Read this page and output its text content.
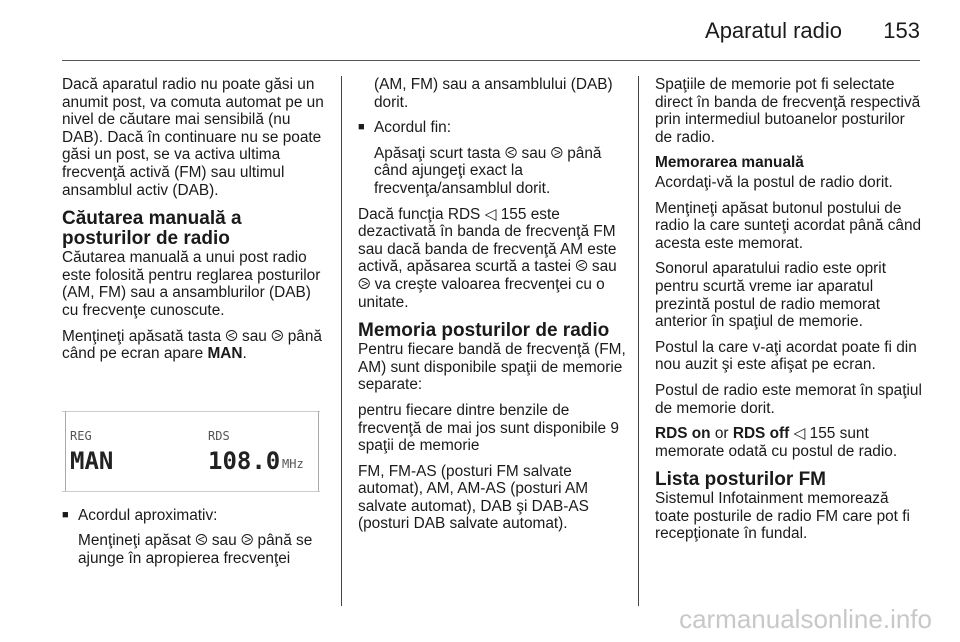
Aparatul radio 153

Dacă aparatul radio nu poate găsi un anumit post, va comuta automat pe un nivel de căutare mai sensibilă (nu DAB). Dacă în continuare nu se poate găsi un post, se va activa ultima frecvenţă activă (FM) sau ultimul ansamblul activ (DAB).

Căutarea manuală a posturilor de radio

Căutarea manuală a unui post radio este folosită pentru reglarea posturilor (AM, FM) sau a ansamblurilor (DAB) cu frecvenţe cunoscute.

Menţineţi apăsată tasta ⧀ sau ⧁ până când pe ecran apare MAN.

■ Acordul aproximativ:

Menţineţi apăsat ⧀ sau ⧁ până se ajunge în apropierea frecvenţei

REG	RDS
MAN	108.0 MHz

(AM, FM) sau a ansamblului (DAB) dorit.

■ Acordul fin:

Apăsaţi scurt tasta ⧀ sau ⧁ până când ajungeţi exact la frecvenţa/ansamblul dorit.

Dacă funcţia RDS ◁ 155 este dezactivată în banda de frecvenţă FM sau dacă banda de frecvenţă AM este activă, apăsarea scurtă a tastei ⧀ sau ⧁ va creşte valoarea frecvenţei cu o unitate.

Memoria posturilor de radio

Pentru fiecare bandă de frecvenţă (FM, AM) sunt disponibile spaţii de memorie separate:

pentru fiecare dintre benzile de frecvenţă de mai jos sunt disponibile 9 spaţii de memorie

FM, FM-AS (posturi FM salvate automat), AM, AM-AS (posturi AM salvate automat), DAB şi DAB-AS (posturi DAB salvate automat).

Spaţiile de memorie pot fi selectate direct în banda de frecvenţă respectivă prin intermediul butoanelor posturilor de radio.

Memorarea manuală

Acordaţi-vă la postul de radio dorit.

Menţineţi apăsat butonul postului de radio la care sunteţi acordat până când acesta este memorat.

Sonorul aparatului radio este oprit pentru scurtă vreme iar aparatul prezintă postul de radio memorat anterior în spaţiul de memorie.

Postul la care v-aţi acordat poate fi din nou auzit şi este afişat pe ecran.

Postul de radio este memorat în spaţiul de memorie dorit.

RDS on or RDS off ◁ 155 sunt memorate odată cu postul de radio.

Lista posturilor FM

Sistemul Infotainment memorează toate posturile de radio FM care pot fi recepţionate în fundal.

carmanualsonline.info
